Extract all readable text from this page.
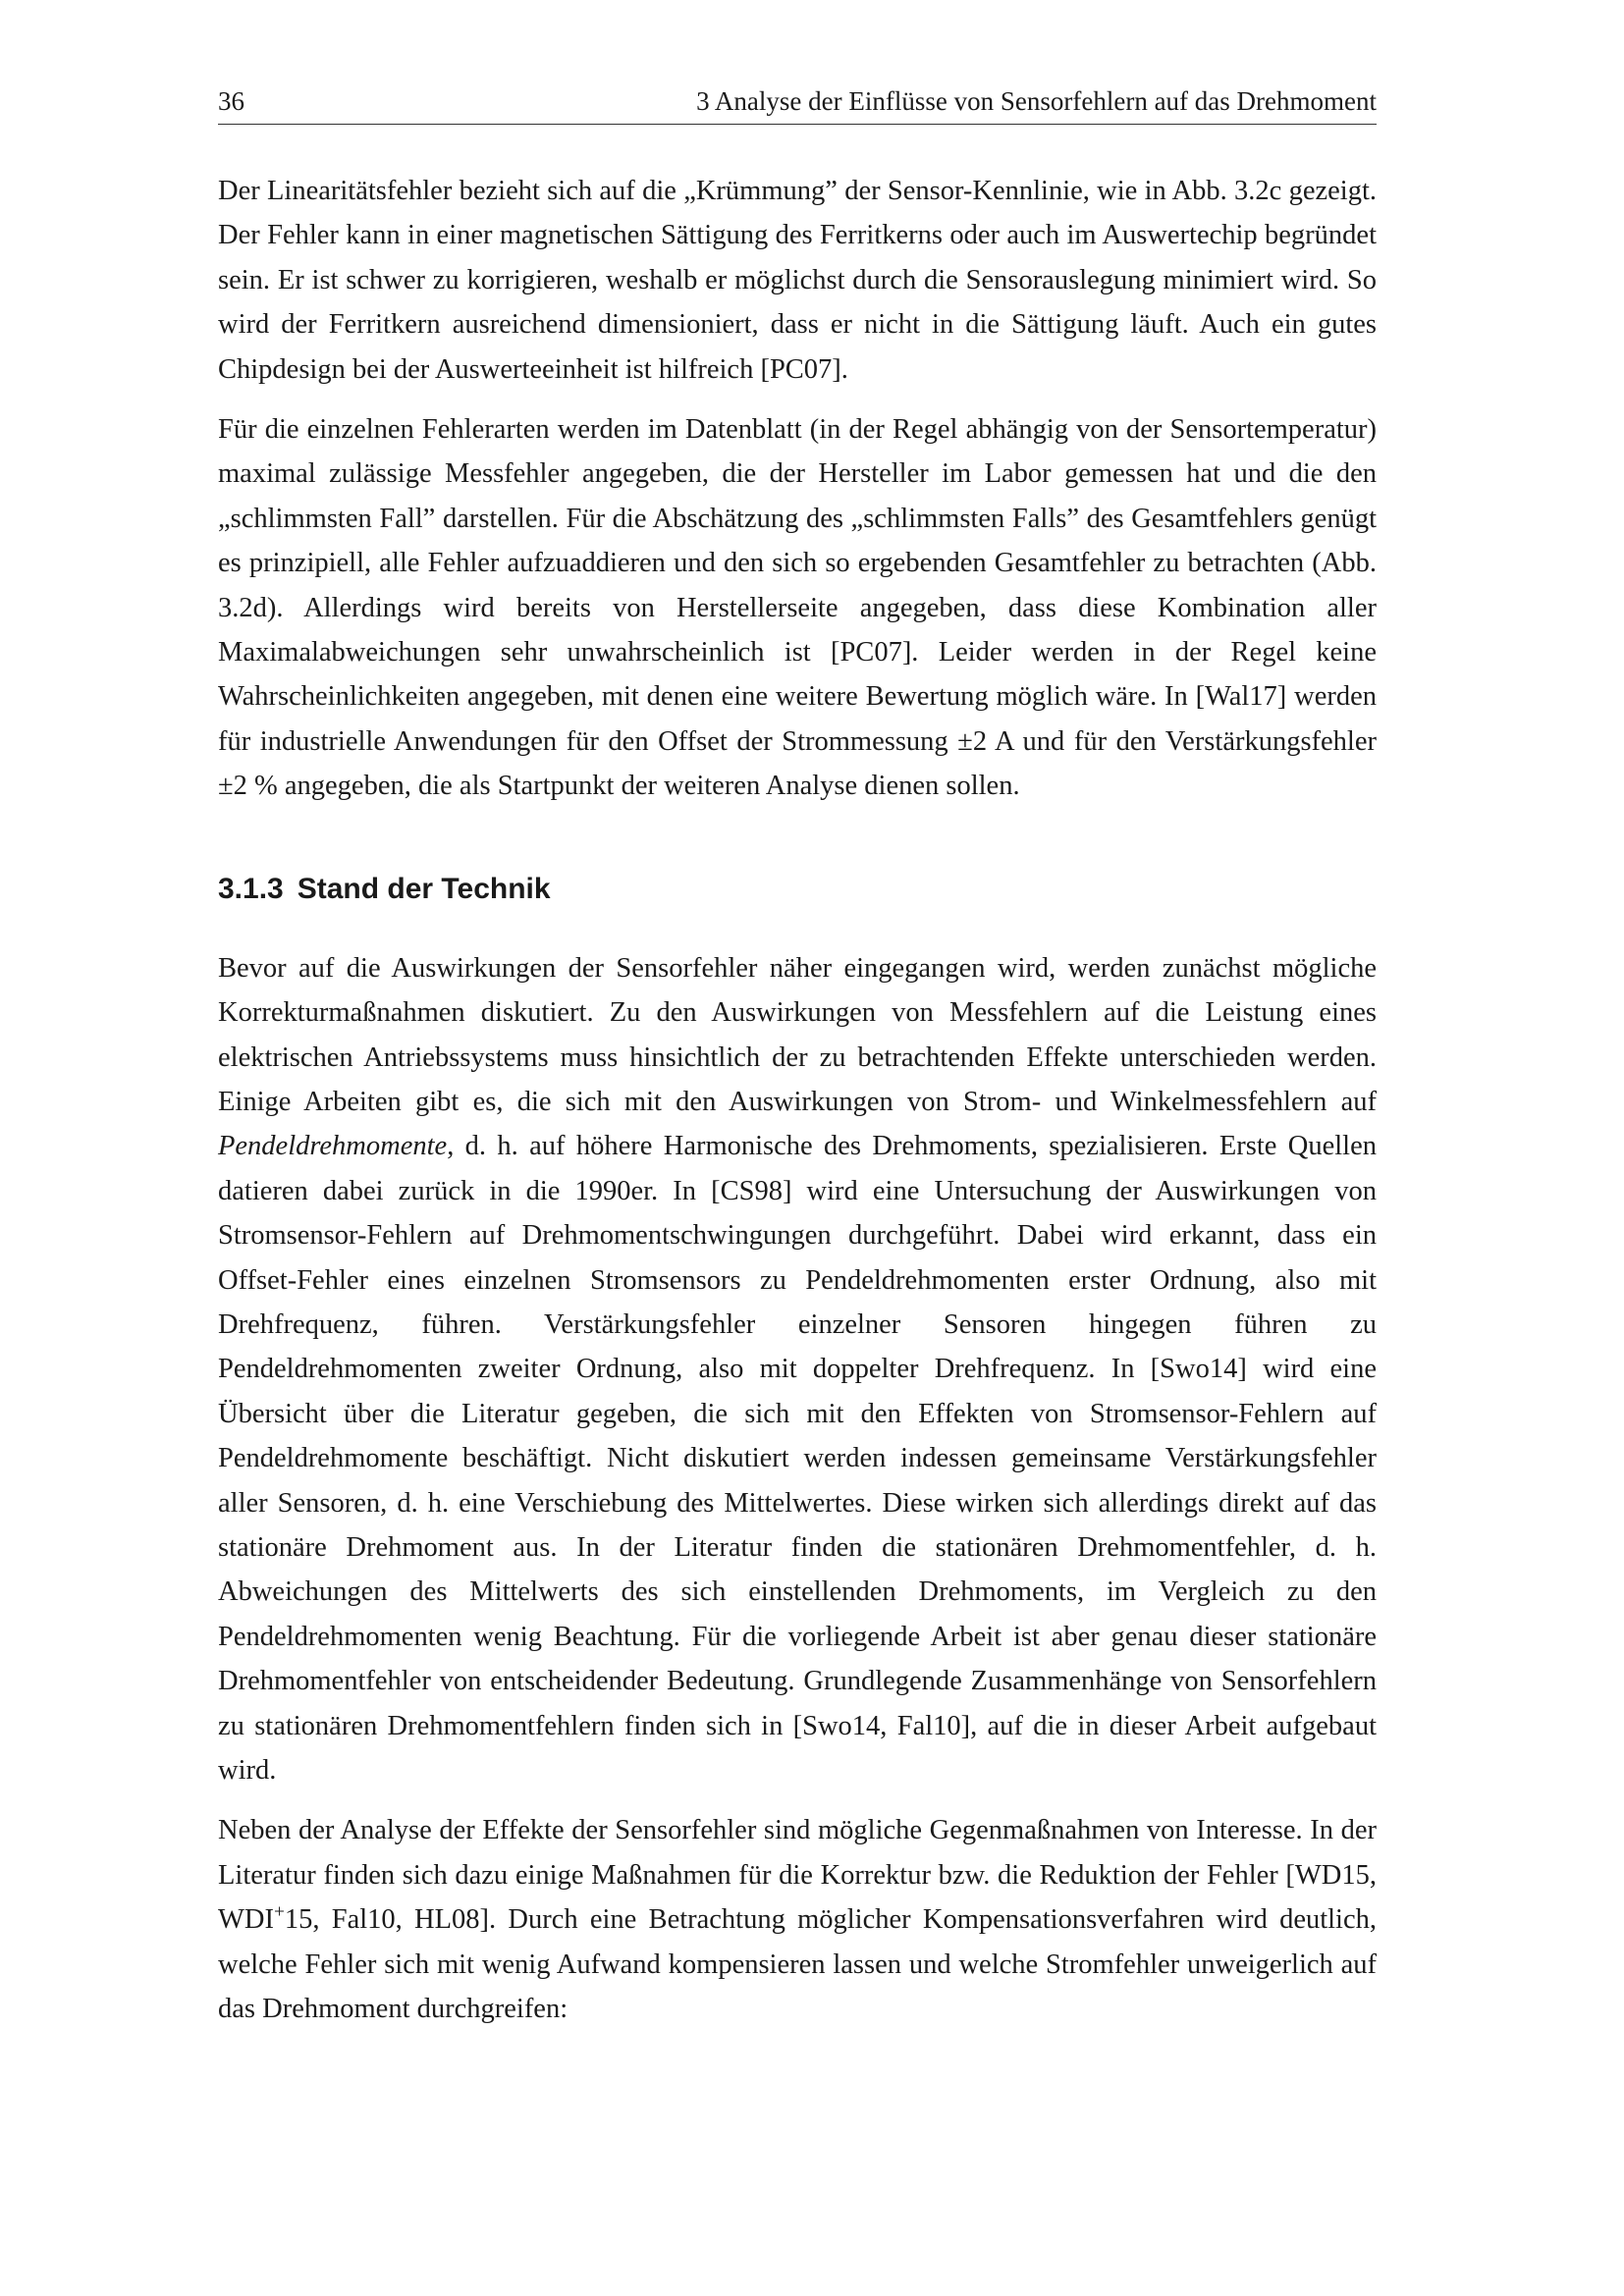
36	3 Analyse der Einflüsse von Sensorfehlern auf das Drehmoment

Der Linearitätsfehler bezieht sich auf die „Krümmung” der Sensor-Kennlinie, wie in Abb. 3.2c gezeigt. Der Fehler kann in einer magnetischen Sättigung des Ferritkerns oder auch im Auswertechip begründet sein. Er ist schwer zu korrigieren, weshalb er möglichst durch die Sensorauslegung minimiert wird. So wird der Ferritkern ausreichend dimensioniert, dass er nicht in die Sättigung läuft. Auch ein gutes Chipdesign bei der Auswerteeinheit ist hilfreich [PC07].

Für die einzelnen Fehlerarten werden im Datenblatt (in der Regel abhängig von der Sensortemperatur) maximal zulässige Messfehler angegeben, die der Hersteller im Labor gemessen hat und die den „schlimmsten Fall” darstellen. Für die Abschätzung des „schlimmsten Falls” des Gesamtfehlers genügt es prinzipiell, alle Fehler aufzuaddieren und den sich so ergebenden Gesamtfehler zu betrachten (Abb. 3.2d). Allerdings wird bereits von Herstellerseite angegeben, dass diese Kombination aller Maximalabweichungen sehr unwahrscheinlich ist [PC07]. Leider werden in der Regel keine Wahrscheinlichkeiten angegeben, mit denen eine weitere Bewertung möglich wäre. In [Wal17] werden für industrielle Anwendungen für den Offset der Strommessung ±2 A und für den Verstärkungsfehler ±2 % angegeben, die als Startpunkt der weiteren Analyse dienen sollen.

3.1.3 Stand der Technik

Bevor auf die Auswirkungen der Sensorfehler näher eingegangen wird, werden zunächst mögliche Korrekturmaßnahmen diskutiert. Zu den Auswirkungen von Messfehlern auf die Leistung eines elektrischen Antriebssystems muss hinsichtlich der zu betrachtenden Effekte unterschieden werden. Einige Arbeiten gibt es, die sich mit den Auswirkungen von Strom- und Winkelmessfehlern auf Pendeldrehmomente, d. h. auf höhere Harmonische des Drehmoments, spezialisieren. Erste Quellen datieren dabei zurück in die 1990er. In [CS98] wird eine Untersuchung der Auswirkungen von Stromsensor-Fehlern auf Drehmomentschwingungen durchgeführt. Dabei wird erkannt, dass ein Offset-Fehler eines einzelnen Stromsensors zu Pendeldrehmomenten erster Ordnung, also mit Drehfrequenz, führen. Verstärkungsfehler einzelner Sensoren hingegen führen zu Pendeldrehmomenten zweiter Ordnung, also mit doppelter Drehfrequenz. In [Swo14] wird eine Übersicht über die Literatur gegeben, die sich mit den Effekten von Stromsensor-Fehlern auf Pendeldrehmomente beschäftigt. Nicht diskutiert werden indessen gemeinsame Verstärkungsfehler aller Sensoren, d. h. eine Verschiebung des Mittelwertes. Diese wirken sich allerdings direkt auf das stationäre Drehmoment aus. In der Literatur finden die stationären Drehmomentfehler, d. h. Abweichungen des Mittelwerts des sich einstellenden Drehmoments, im Vergleich zu den Pendeldrehmomenten wenig Beachtung. Für die vorliegende Arbeit ist aber genau dieser stationäre Drehmomentfehler von entscheidender Bedeutung. Grundlegende Zusammenhänge von Sensorfehlern zu stationären Drehmomentfehlern finden sich in [Swo14, Fal10], auf die in dieser Arbeit aufgebaut wird.

Neben der Analyse der Effekte der Sensorfehler sind mögliche Gegenmaßnahmen von Interesse. In der Literatur finden sich dazu einige Maßnahmen für die Korrektur bzw. die Reduktion der Fehler [WD15, WDI+15, Fal10, HL08]. Durch eine Betrachtung möglicher Kompensationsverfahren wird deutlich, welche Fehler sich mit wenig Aufwand kompensieren lassen und welche Stromfehler unweigerlich auf das Drehmoment durchgreifen:
